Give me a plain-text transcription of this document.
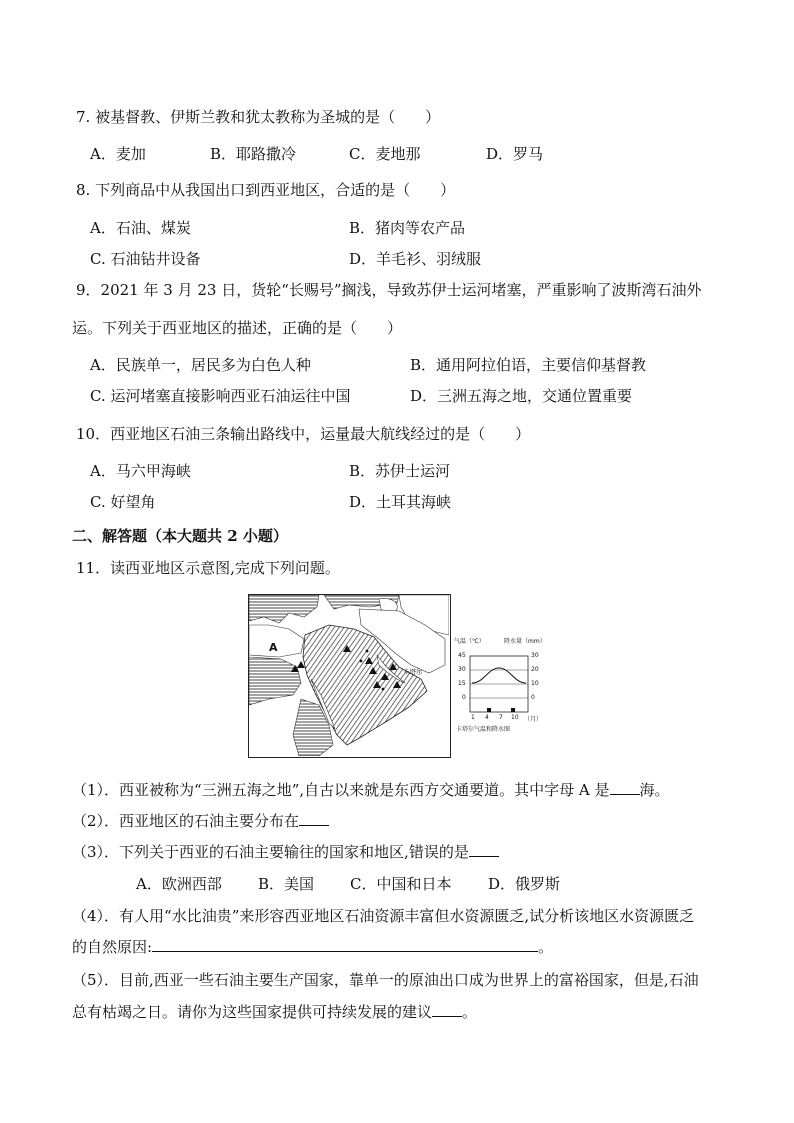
7. 被基督教、伊斯兰教和犹太教称为圣城的是（　　）
A．麦加	B．耶路撒冷	C．麦地那	D．罗马
8. 下列商品中从我国出口到西亚地区，合适的是（　　）
A．石油、煤炭	B．猪肉等农产品
C. 石油钻井设备	D．羊毛衫、羽绒服
9．2021 年 3 月 23 日，货轮“长赐号”搁浅，导致苏伊士运河堵塞，严重影响了波斯湾石油外
运。下列关于西亚地区的描述，正确的是（　　）
A．民族单一，居民多为白色人种	B．通用阿拉伯语，主要信仰基督教
C. 运河堵塞直接影响西亚石油运往中国	D．三洲五海之地，交通位置重要
10．西亚地区石油三条输出路线中，运量最大航线经过的是（　　）
A．马六甲海峡	B．苏伊士运河
C. 好望角	D．土耳其海峡
二、解答题（本大题共 2 小题）
11．读西亚地区示意图,完成下列问题。
A
卡塔尔
气温（℃）	降水量（mm）
45
30
15
0
30
20
10
0
1 4 7 10 （月）
卡塔尔气温和降水图
（1）．西亚被称为“三洲五海之地”,自古以来就是东西方交通要道。其中字母 A 是 海。
（2）．西亚地区的石油主要分布在
（3）．下列关于西亚的石油主要输往的国家和地区,错误的是
A．欧洲西部 B．美国 C．中国和日本 D．俄罗斯
（4）．有人用“水比油贵”来形容西亚地区石油资源丰富但水资源匮乏,试分析该地区水资源匮乏
的自然原因:	。
（5）．目前,西亚一些石油主要生产国家，靠单一的原油出口成为世界上的富裕国家，但是,石油
总有枯竭之日。请你为这些国家提供可持续发展的建议 。
